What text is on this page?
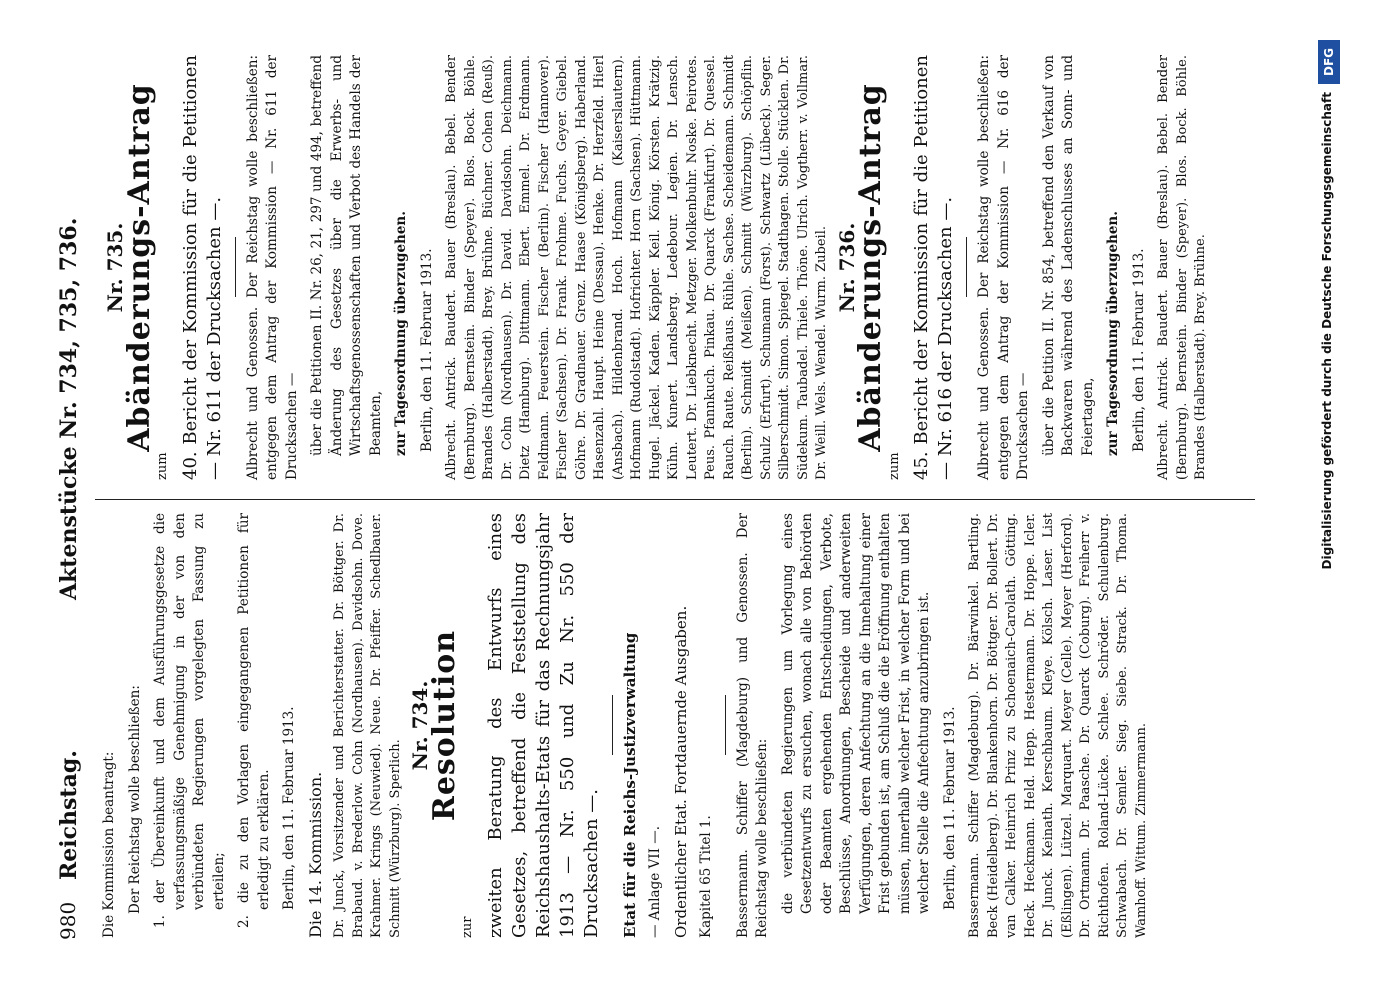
980
Reichstag.
Aktenstücke Nr. 734, 735, 736.

Die Kommission beantragt: Der Reichstag wolle beschließen: 1. der Übereinkunft und dem Ausführungsgesetze die verfassungsmäßige Genehmigung in der von den verbündeten Regierungen vorgelegten Fassung zu erteilen; 2. die zu den Vorlagen eingegangenen Petitionen für erledigt zu erklären. Berlin, den 11. Februar 1913. Die 14. Kommission. Dr. Junck, Vorsitzender und Berichterstatter. Dr. Böttger. Dr. Brabaud. v. Brederlow. Cohn (Nordhausen). Davidsohn. Dove. Krahmer. Krings (Neuwied). Neue. Dr. Pfeiffer. Schedlbauer. Schmitt (Würzburg). Sperlich.

Nr. 734.
Resolution

zur zweiten Beratung des Entwurfs eines Gesetzes, betreffend die Feststellung des Reichshaushalts-Etats für das Rechnungsjahr 1913 — Nr. 550 und Zu Nr. 550 der Drucksachen —. Etat für die Reichs-Justizverwaltung — Anlage VII —. Ordentlicher Etat. Fortdauernde Ausgaben. Kapitel 65 Titel 1. Bassermann. Schiffer (Magdeburg) und Genossen. Der Reichstag wolle beschließen: die verbündeten Regierungen um Vorlegung eines Gesetzentwurfs zu ersuchen, wonach alle von Behörden oder Beamten ergehenden Entscheidungen, Verbote, Beschlüsse, Anordnungen, Bescheide und anderweiten Verfügungen, deren Anfechtung an die Innehaltung einer Frist gebunden ist, am Schluß die die Eröffnung enthalten müssen, innerhalb welcher Frist, in welcher Form und bei welcher Stelle die Anfechtung anzubringen ist. Berlin, den 11. Februar 1913. Bassermann. Schiffer (Magdeburg). Dr. Bärwinkel. Bartling. Beck (Heidelberg). Dr. Blankenhorn. Dr. Böttger. Dr. Bollert. Dr. van Calker. Heinrich Prinz zu Schoenaich-Carolath. Götting. Heck. Heckmann. Held. Hepp. Hestermann. Dr. Hoppe. Icler. Dr. Junck. Keinath. Kerschbaum. Kleye. Kölsch. Laser. List (Eßlingen). Lützel. Marquart. Meyer (Celle). Meyer (Herford). Dr. Ortmann. Dr. Paasche. Dr. Quarck (Coburg). Freiherr v. Richthofen. Roland-Lücke. Schlee. Schröder. Schulenburg. Schwabach. Dr. Semler. Sieg. Siebe. Strack. Dr. Thoma. Wamhoff. Wittum. Zimmermann.

Nr. 735.
Abänderungs-Antrag

zum 40. Bericht der Kommission für die Petitionen — Nr. 611 der Drucksachen —. Albrecht und Genossen. Der Reichstag wolle beschließen: entgegen dem Antrag der Kommission — Nr. 611 der Drucksachen — über die Petitionen II. Nr. 26, 21, 297 und 494, betreffend Änderung des Gesetzes über die Erwerbs- und Wirtschaftsgenossenschaften und Verbot des Handels der Beamten, zur Tagesordnung überzugehen. Berlin, den 11. Februar 1913. Albrecht. Antrick. Baudert. Bauer (Breslau). Bebel. Bender (Bernburg). Bernstein. Binder (Speyer). Blos. Bock. Böhle. Brandes (Halberstadt). Brey. Brühne. Büchner. Cohen (Reuß). Dr. Cohn (Nordhausen). Dr. David. Davidsohn. Deichmann. Dietz (Hamburg). Dittmann. Ebert. Emmel. Dr. Erdmann. Feldmann. Feuerstein. Fischer (Berlin). Fischer (Hannover). Fischer (Sachsen). Dr. Frank. Frohme. Fuchs. Geyer. Giebel. Göhre. Dr. Gradnauer. Grenz. Haase (Königsberg). Haberland. Hasenzahl. Haupt. Heine (Dessau). Henke. Dr. Herzfeld. Hierl (Ansbach). Hildenbrand. Hoch. Hofmann (Kaiserslautern). Hofmann (Rudolstadt). Hofrichter. Horn (Sachsen). Hüttmann. Hugel. Jäckel. Kaden. Käppler. Keil. König. Körsten. Krätzig. Kühn. Kunert. Landsberg. Ledebour. Legien. Dr. Lensch. Leutert. Dr. Liebknecht. Metzger. Molkenbuhr. Noske. Peirotes. Peus. Pfannkuch. Pinkau. Dr. Quarck (Frankfurt). Dr. Quessel. Rauch. Raute. Reißhaus. Rühle. Sachse. Scheidemann. Schmidt (Berlin). Schmidt (Meißen). Schmitt (Würzburg). Schöpflin. Schulz (Erfurt). Schumann (Forst). Schwartz (Lübeck). Seger. Silberschmidt. Simon. Spiegel. Stadthagen. Stolle. Stücklen. Dr. Südekum. Taubadel. Thiele. Thöne. Ulrich. Vogtherr. v. Vollmar. Dr. Weill. Wels. Wendel. Wurm. Zubeil. Nr. 736.
Abänderungs-Antrag

zum 45. Bericht der Kommission für die Petitionen — Nr. 616 der Drucksachen —. Albrecht und Genossen. Der Reichstag wolle beschließen: entgegen dem Antrag der Kommission — Nr. 616 der Drucksachen — über die Petition II. Nr. 854, betreffend den Verkauf von Backwaren während des Ladenschlusses an Sonn- und Feiertagen, zur Tagesordnung überzugehen. Berlin, den 11. Februar 1913. Albrecht. Antrick. Baudert. Bauer (Breslau). Bebel. Bender (Bernburg). Bernstein. Binder (Speyer). Blos. Bock. Böhle. Brandes (Halberstadt). Brey. Brühne.	Digitalisierung gefördert durch die Deutsche Forschungsgemeinschaft
DFG
